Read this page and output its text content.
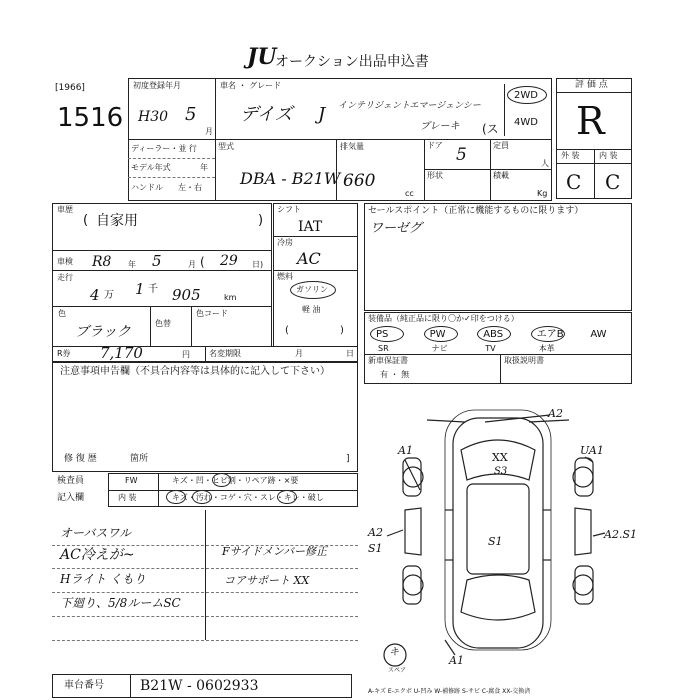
JU
オークション出品申込書
[1966]
1516
初度登録年月
H30 5
月
ディーラー・並 行
モデル年式	年
ハンドル 左・右
車名 ・ グレード
デイズ J インテリジェントエマージェンシー
ブレーキ (ス
2WD
4WD
型式
DBA - B21W
排気量
660
cc
ドア 5	定員
人
形状	積載
Kg
評 価 点
R
外 装 内 装
C C
車歴
( 自家用	)
車検 R8 年 5	月 ( 29 日)
走行
4 万 1 千 905	km
色
ブラック
色替
色コード
シフト
IAT
冷房
AC
燃料
ガソリン
軽 油
(	)
セールスポイント（正常に機能するものに限ります）
ワーゼグ
装備品（純正品に限り〇か✓印をつける）
PS	PW	ABS	エアB	AW
SR	ナビ	TV	本革
新車保証書
有 ・ 無
取扱説明書
R券 7,170	円 名変期限	月	日
注意事項申告欄（不具合内容等は具体的に記入して下さい）
修 復 歴	箇所	]
検査員
記入欄
FW	キズ・凹・ヒビ割・リペア跡・×要
内 装	キズ・汚れ・コゲ・穴・スレ・キレ・破し
オーバスワル
AC冷えが~
Hライト くもり
下廻り、5/8ルームSC
Fサイドメンバー修正
コアサポート XX
A2
XX
S3
A1	UA1
A2
S1
S1
A2.S1
A1
キ
スペア
車台番号	B21W - 0602933	A-キズ E-エクボ U-凹み W-補修跡 S-サビ C-腐食 XX-交換済
